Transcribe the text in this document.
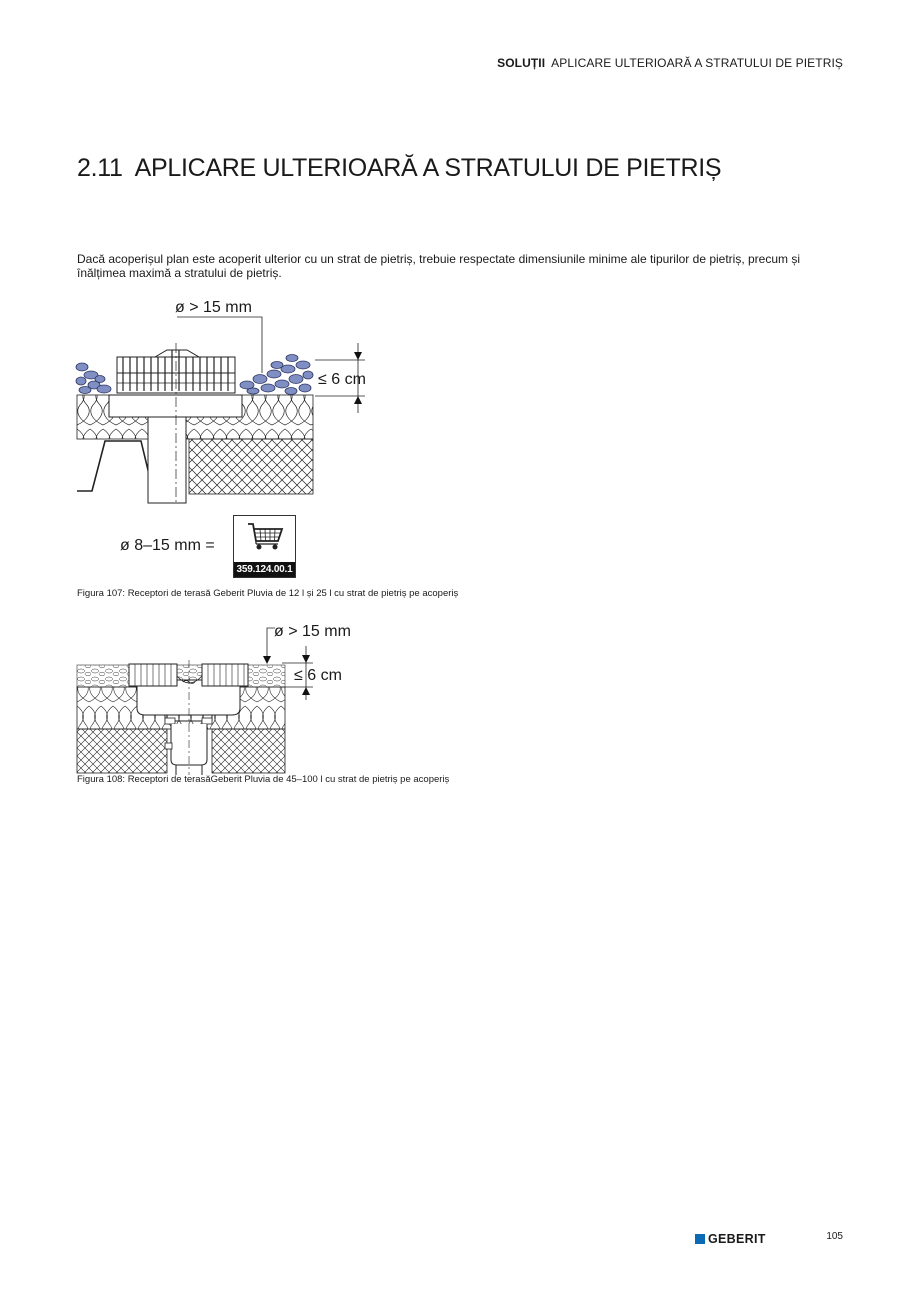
SOLUȚII APLICARE ULTERIOARĂ A STRATULUI DE PIETRIȘ
2.11 APLICARE ULTERIOARĂ A STRATULUI DE PIETRIȘ

Dacă acoperișul plan este acoperit ulterior cu un strat de pietriș, trebuie respectate dimensiunile minime ale tipurilor de pietriș, precum și înălțimea maximă a stratului de pietriș.

ø > 15 mm
≤ 6 cm
ø 8–15 mm =
359.124.00.1

Figura 107: Receptori de terasă Geberit Pluvia de 12 l și 25 l cu strat de pietriș pe acoperiș

ø > 15 mm
≤ 6 cm

Figura 108: Receptori de terasăGeberit Pluvia de 45–100 l cu strat de pietriș pe acoperiș

GEBERIT	105
